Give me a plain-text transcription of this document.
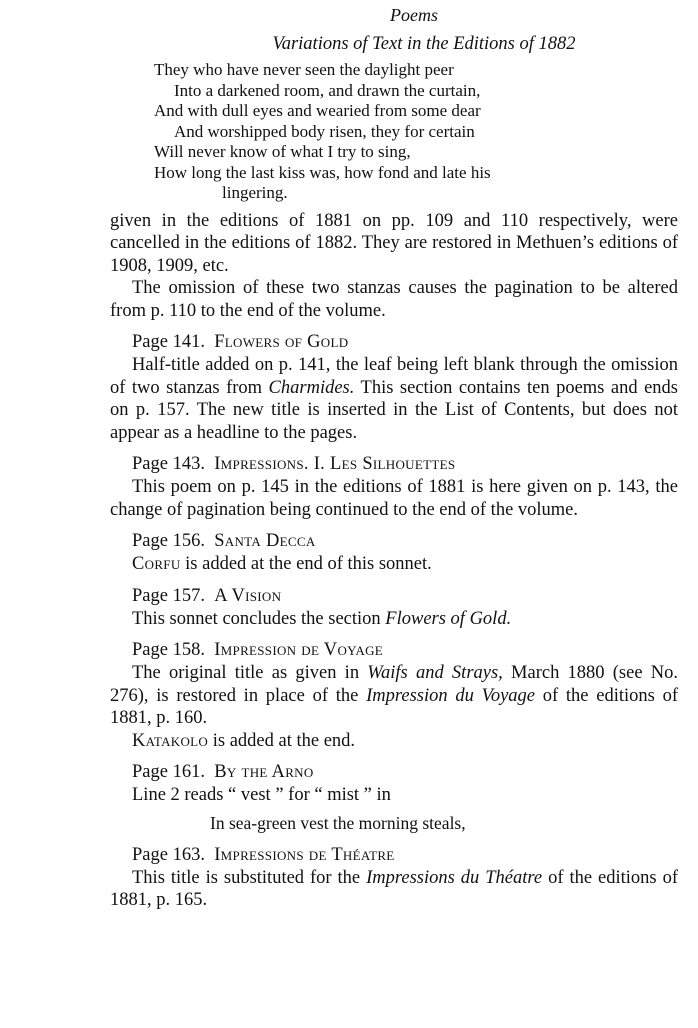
Poems
Variations of Text in the Editions of 1882
They who have never seen the daylight peer
Into a darkened room, and drawn the curtain,
And with dull eyes and wearied from some dear
And worshipped body risen, they for certain
Will never know of what I try to sing,
How long the last kiss was, how fond and late his
lingering.

given in the editions of 1881 on pp. 109 and 110 respectively, were cancelled in the editions of 1882. They are restored in Methuen’s editions of 1908, 1909, etc.

The omission of these two stanzas causes the pagination to be altered from p. 110 to the end of the volume.

Page 141. Flowers of Gold

Half-title added on p. 141, the leaf being left blank through the omission of two stanzas from Charmides. This section contains ten poems and ends on p. 157. The new title is inserted in the List of Contents, but does not appear as a headline to the pages.

Page 143. Impressions. I. Les Silhouettes

This poem on p. 145 in the editions of 1881 is here given on p. 143, the change of pagination being continued to the end of the volume.

Page 156. Santa Decca

Corfu is added at the end of this sonnet.

Page 157. A Vision

This sonnet concludes the section Flowers of Gold.

Page 158. Impression de Voyage

The original title as given in Waifs and Strays, March 1880 (see No. 276), is restored in place of the Impression du Voyage of the editions of 1881, p. 160.

Katakolo is added at the end.

Page 161. By the Arno

Line 2 reads “ vest ” for “ mist ” in

In sea-green vest the morning steals,

Page 163. Impressions de Théatre

This title is substituted for the Impressions du Théatre of the editions of 1881, p. 165.
